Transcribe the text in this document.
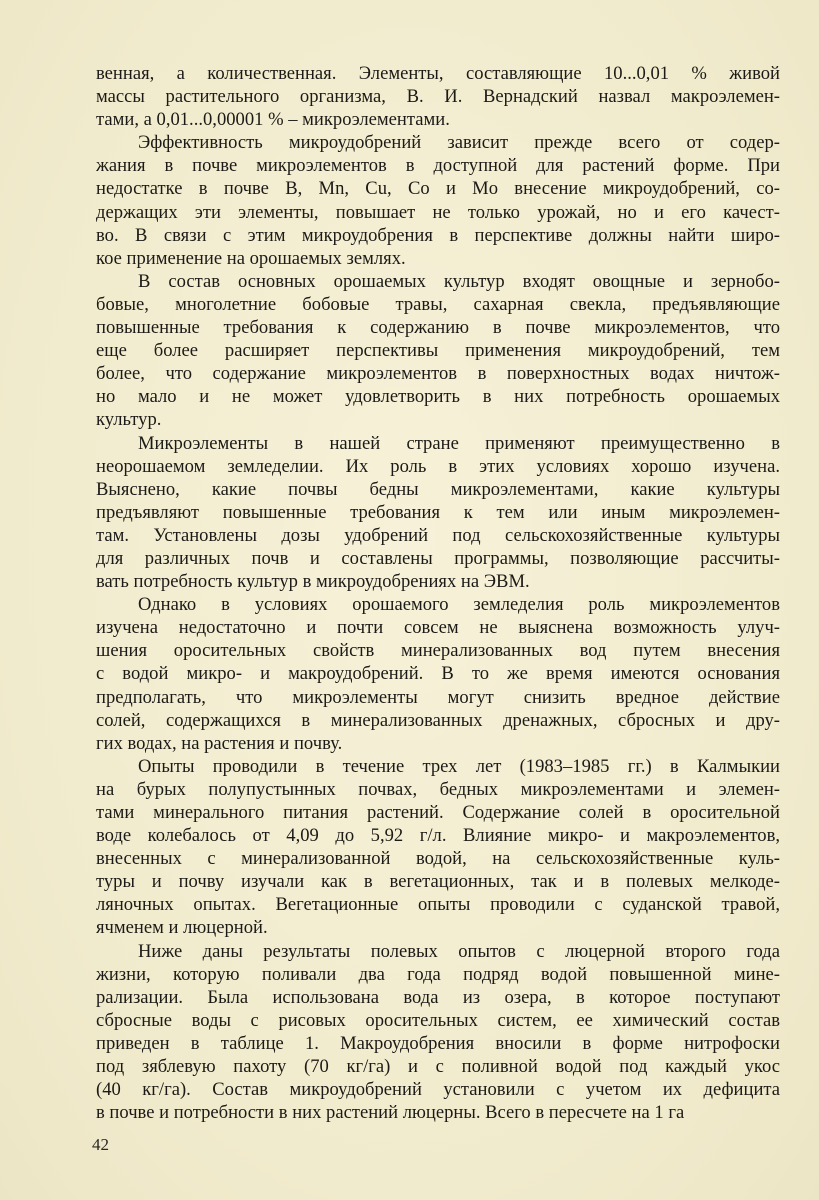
венная, а количественная. Элементы, составляющие 10...0,01 % живой
массы растительного организма, В. И. Вернадский назвал макроэлемен-
тами, а 0,01...0,00001 % – микроэлементами.
Эффективность микроудобрений зависит прежде всего от содер-
жания в почве микроэлементов в доступной для растений форме. При
недостатке в почве B, Mn, Cu, Co и Mo внесение микроудобрений, со-
держащих эти элементы, повышает не только урожай, но и его качест-
во. В связи с этим микроудобрения в перспективе должны найти широ-
кое применение на орошаемых землях.
В состав основных орошаемых культур входят овощные и зернобо-
бовые, многолетние бобовые травы, сахарная свекла, предъявляющие
повышенные требования к содержанию в почве микроэлементов, что
еще более расширяет перспективы применения микроудобрений, тем
более, что содержание микроэлементов в поверхностных водах ничтож-
но мало и не может удовлетворить в них потребность орошаемых
культур.
Микроэлементы в нашей стране применяют преимущественно в
неорошаемом земледелии. Их роль в этих условиях хорошо изучена.
Выяснено, какие почвы бедны микроэлементами, какие культуры
предъявляют повышенные требования к тем или иным микроэлемен-
там. Установлены дозы удобрений под сельскохозяйственные культуры
для различных почв и составлены программы, позволяющие рассчиты-
вать потребность культур в микроудобрениях на ЭВМ.
Однако в условиях орошаемого земледелия роль микроэлементов
изучена недостаточно и почти совсем не выяснена возможность улуч-
шения оросительных свойств минерализованных вод путем внесения
с водой микро- и макроудобрений. В то же время имеются основания
предполагать, что микроэлементы могут снизить вредное действие
солей, содержащихся в минерализованных дренажных, сбросных и дру-
гих водах, на растения и почву.
Опыты проводили в течение трех лет (1983–1985 гг.) в Калмыкии
на бурых полупустынных почвах, бедных микроэлементами и элемен-
тами минерального питания растений. Содержание солей в оросительной
воде колебалось от 4,09 до 5,92 г/л. Влияние микро- и макроэлементов,
внесенных с минерализованной водой, на сельскохозяйственные куль-
туры и почву изучали как в вегетационных, так и в полевых мелкоде-
ляночных опытах. Вегетационные опыты проводили с суданской травой,
ячменем и люцерной.
Ниже даны результаты полевых опытов с люцерной второго года
жизни, которую поливали два года подряд водой повышенной мине-
рализации. Была использована вода из озера, в которое поступают
сбросные воды с рисовых оросительных систем, ее химический состав
приведен в таблице 1. Макроудобрения вносили в форме нитрофоски
под зяблевую пахоту (70 кг/га) и с поливной водой под каждый укос
(40 кг/га). Состав микроудобрений установили с учетом их дефицита
в почве и потребности в них растений люцерны. Всего в пересчете на 1 га
42
